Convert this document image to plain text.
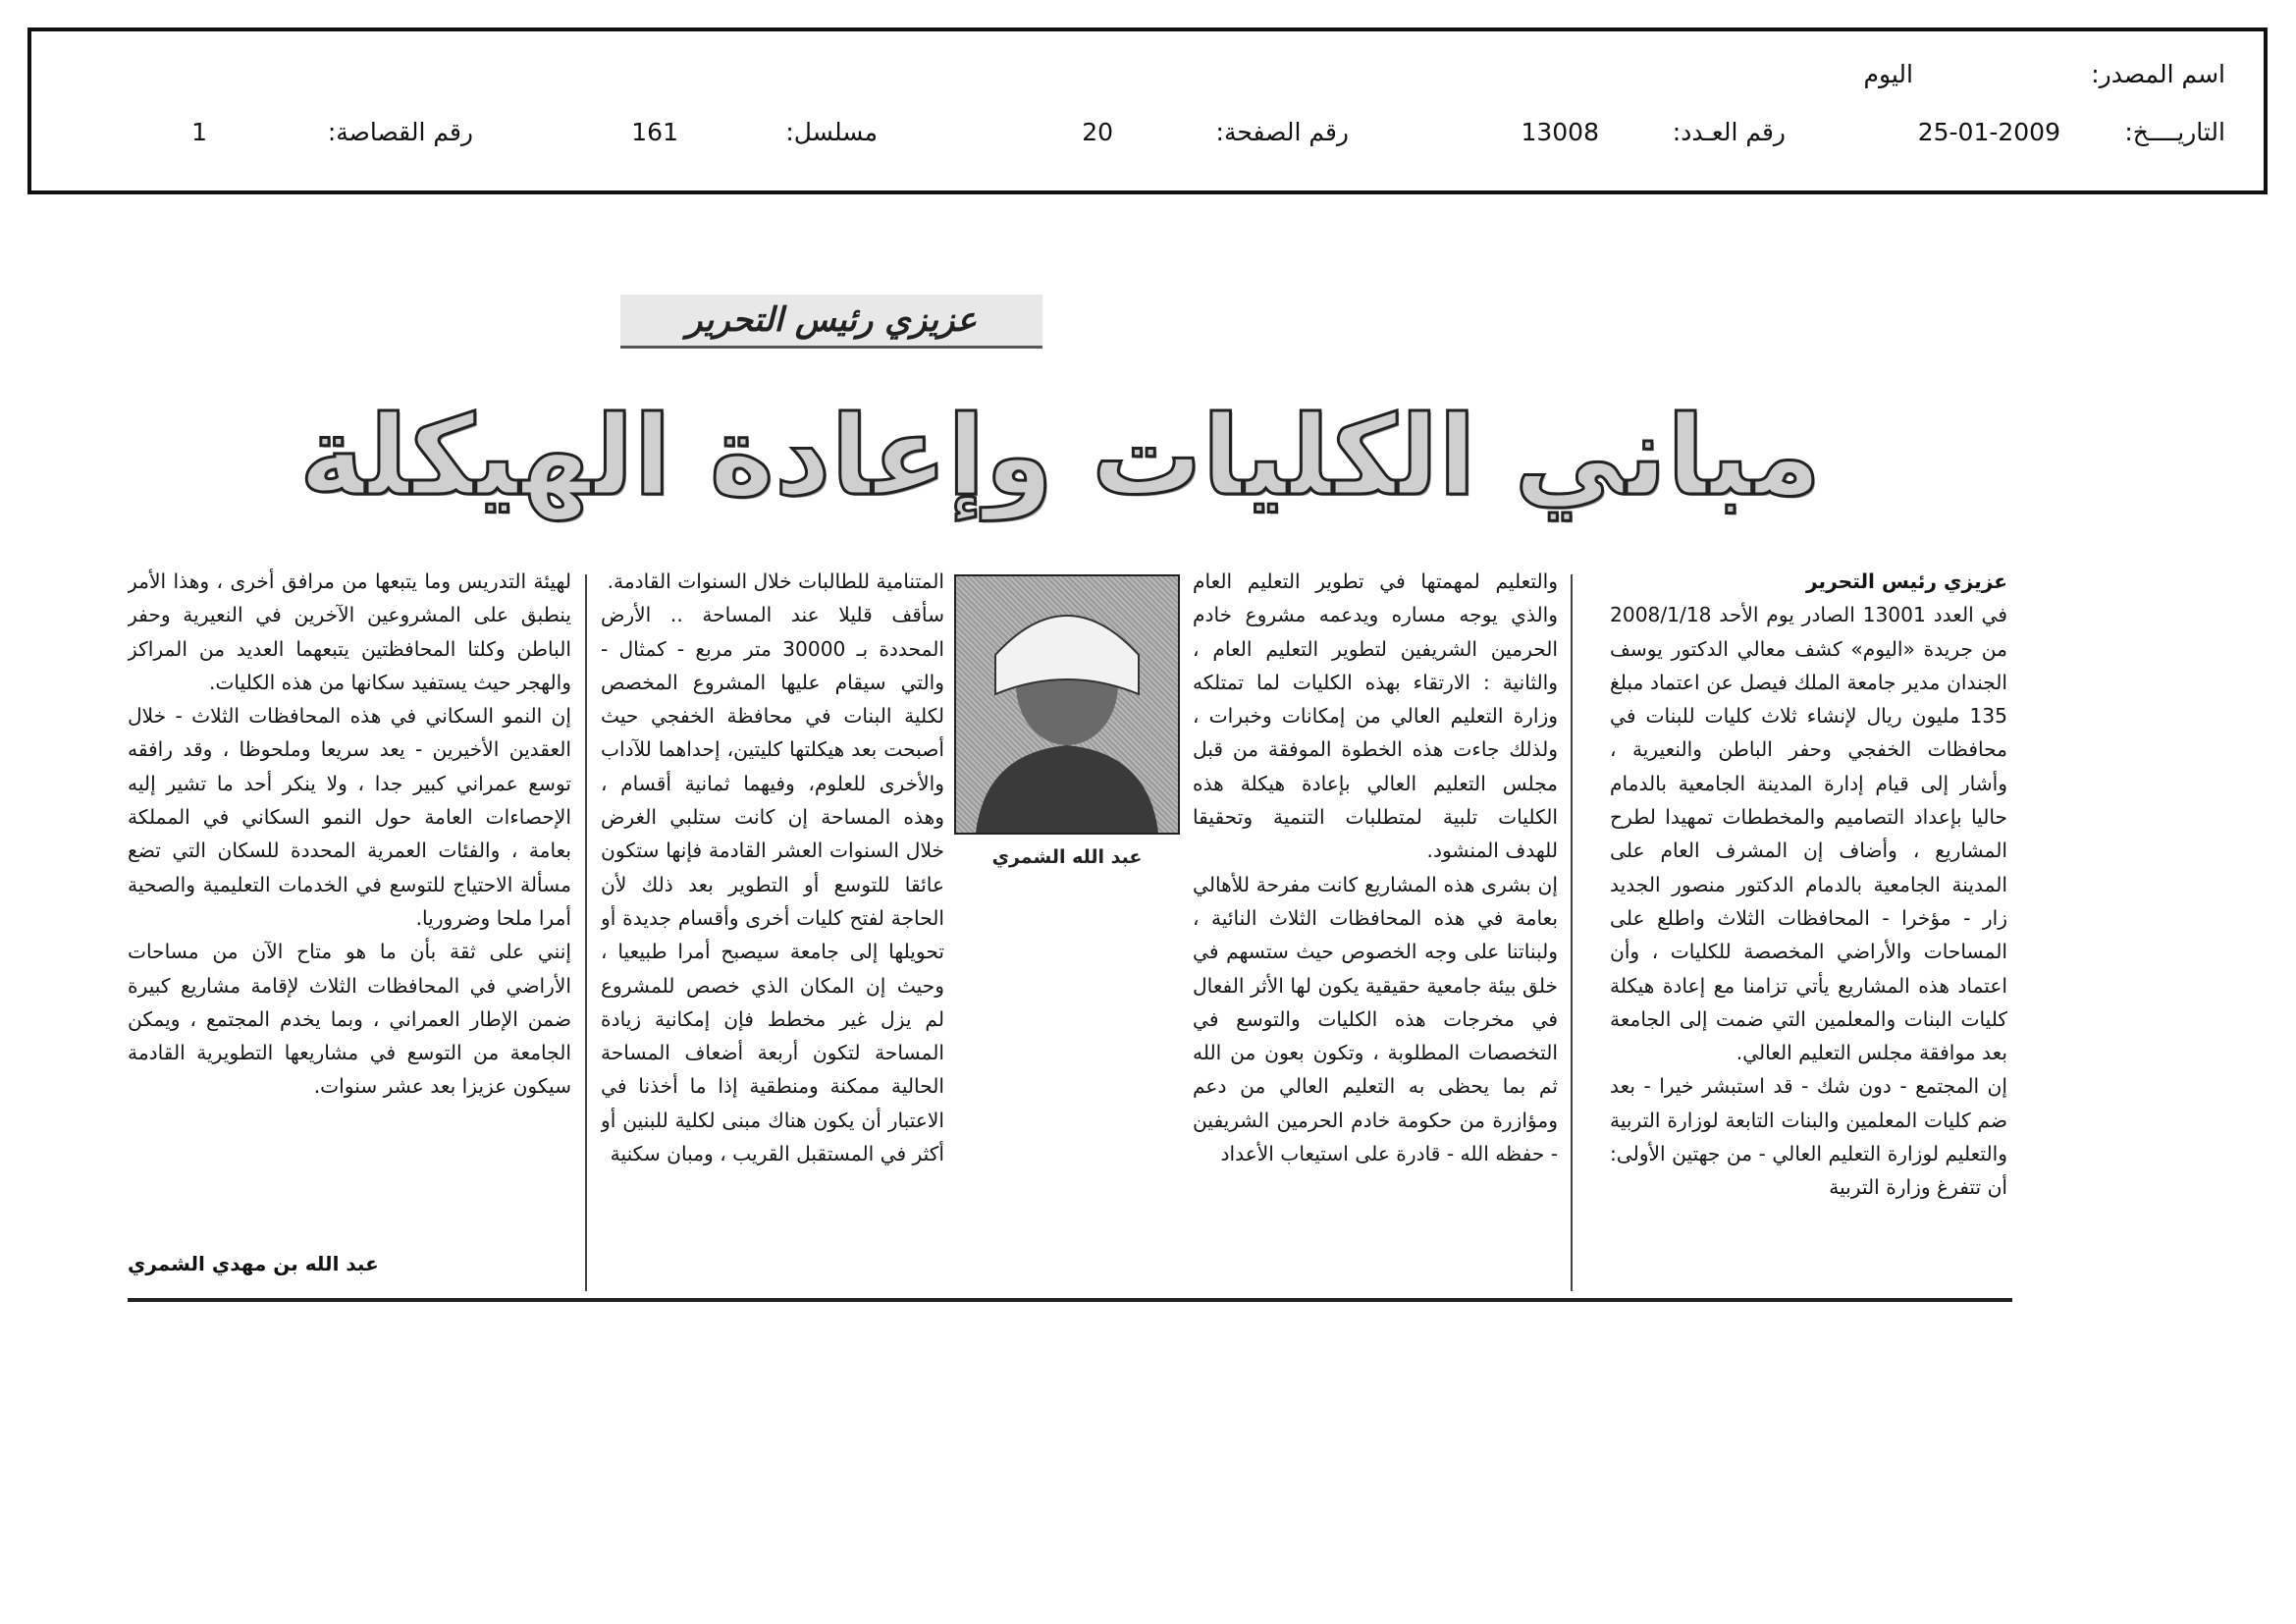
اسم المصدر:
اليوم
التاريــــخ:
25-01-2009
رقم العـدد:
13008
رقم الصفحة:
20
مسلسل:
161
رقم القصاصة:
1
عزيزي رئيس التحرير
مباني الكليات وإعادة الهيكلة

عزيزي رئيس التحرير

في العدد 13001 الصادر يوم الأحد 2008/1/18 من جريدة «اليوم» كشف معالي الدكتور يوسف الجندان مدير جامعة الملك فيصل عن اعتماد مبلغ 135 مليون ريال لإنشاء ثلاث كليات للبنات في محافظات الخفجي وحفر الباطن والنعيرية ، وأشار إلى قيام إدارة المدينة الجامعية بالدمام حاليا بإعداد التصاميم والمخططات تمهيدا لطرح المشاريع ، وأضاف إن المشرف العام على المدينة الجامعية بالدمام الدكتور منصور الجديد زار - مؤخرا - المحافظات الثلاث واطلع على المساحات والأراضي المخصصة للكليات ، وأن اعتماد هذه المشاريع يأتي تزامنا مع إعادة هيكلة كليات البنات والمعلمين التي ضمت إلى الجامعة بعد موافقة مجلس التعليم العالي.

إن المجتمع - دون شك - قد استبشر خيرا - بعد ضم كليات المعلمين والبنات التابعة لوزارة التربية والتعليم لوزارة التعليم العالي - من جهتين الأولى: أن تتفرغ وزارة التربية

والتعليم لمهمتها في تطوير التعليم العام والذي يوجه مساره ويدعمه مشروع خادم الحرمين الشريفين لتطوير التعليم العام ، والثانية : الارتقاء بهذه الكليات لما تمتلكه وزارة التعليم العالي من إمكانات وخبرات ، ولذلك جاءت هذه الخطوة الموفقة من قبل مجلس التعليم العالي بإعادة هيكلة هذه الكليات تلبية لمتطلبات التنمية وتحقيقا للهدف المنشود.

إن بشرى هذه المشاريع كانت مفرحة للأهالي بعامة في هذه المحافظات الثلاث النائية ، ولبناتنا على وجه الخصوص حيث ستسهم في خلق بيئة جامعية حقيقية يكون لها الأثر الفعال في مخرجات هذه الكليات والتوسع في التخصصات المطلوبة ، وتكون بعون من الله ثم بما يحظى به التعليم العالي من دعم ومؤازرة من حكومة خادم الحرمين الشريفين - حفظه الله - قادرة على استيعاب الأعداد

عبد الله الشمري

المتنامية للطالبات خلال السنوات القادمة.

سأقف قليلا عند المساحة .. الأرض المحددة بـ 30000 متر مربع - كمثال - والتي سيقام عليها المشروع المخصص لكلية البنات في محافظة الخفجي حيث أصبحت بعد هيكلتها كليتين، إحداهما للآداب والأخرى للعلوم، وفيهما ثمانية أقسام ، وهذه المساحة إن كانت ستلبي الغرض خلال السنوات العشر القادمة فإنها ستكون عائقا للتوسع أو التطوير بعد ذلك لأن الحاجة لفتح كليات أخرى وأقسام جديدة أو تحويلها إلى جامعة سيصبح أمرا طبيعيا ، وحيث إن المكان الذي خصص للمشروع لم يزل غير مخطط فإن إمكانية زيادة المساحة لتكون أربعة أضعاف المساحة الحالية ممكنة ومنطقية إذا ما أخذنا في الاعتبار أن يكون هناك مبنى لكلية للبنين أو أكثر في المستقبل القريب ، ومبان سكنية

لهيئة التدريس وما يتبعها من مرافق أخرى ، وهذا الأمر ينطبق على المشروعين الآخرين في النعيرية وحفر الباطن وكلتا المحافظتين يتبعهما العديد من المراكز والهجر حيث يستفيد سكانها من هذه الكليات.

إن النمو السكاني في هذه المحافظات الثلاث - خلال العقدين الأخيرين - يعد سريعا وملحوظا ، وقد رافقه توسع عمراني كبير جدا ، ولا ينكر أحد ما تشير إليه الإحصاءات العامة حول النمو السكاني في المملكة بعامة ، والفئات العمرية المحددة للسكان التي تضع مسألة الاحتياج للتوسع في الخدمات التعليمية والصحية أمرا ملحا وضروريا.

إنني على ثقة بأن ما هو متاح الآن من مساحات الأراضي في المحافظات الثلاث لإقامة مشاريع كبيرة ضمن الإطار العمراني ، وبما يخدم المجتمع ، ويمكن الجامعة من التوسع في مشاريعها التطويرية القادمة سيكون عزيزا بعد عشر سنوات.

عبد الله بن مهدي الشمري
